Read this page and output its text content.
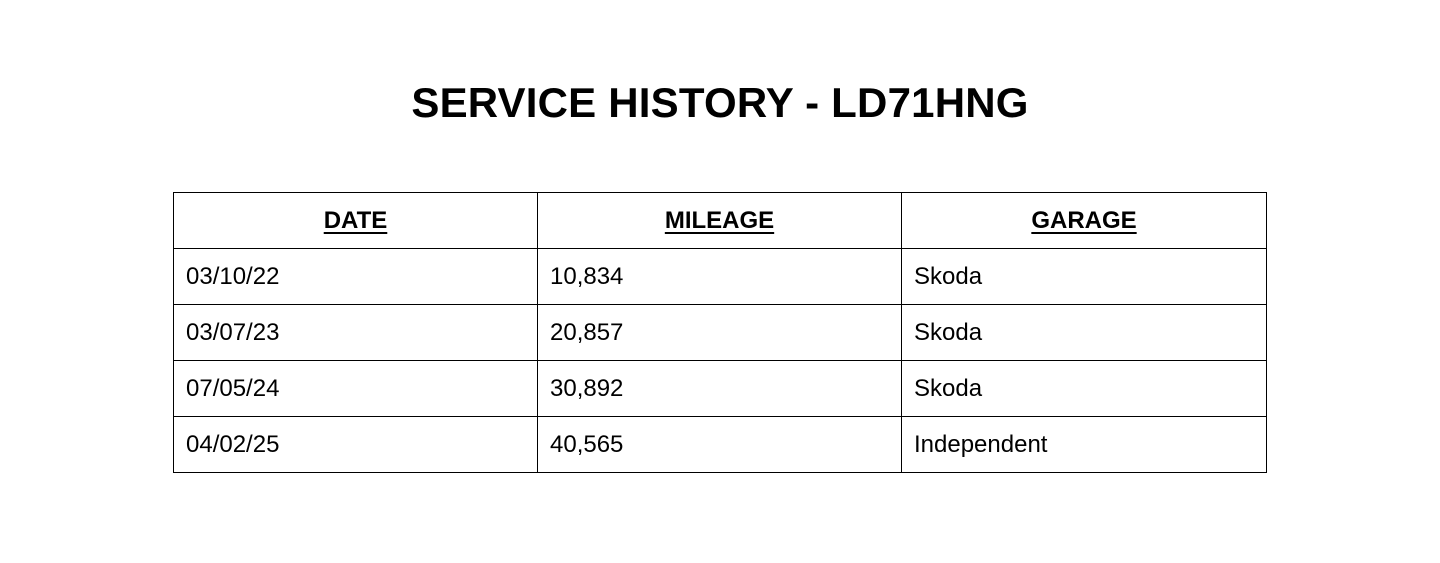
SERVICE HISTORY - LD71HNG
DATE	MILEAGE	GARAGE
03/10/22	10,834	Skoda
03/07/23	20,857	Skoda
07/05/24	30,892	Skoda
04/02/25	40,565	Independent
